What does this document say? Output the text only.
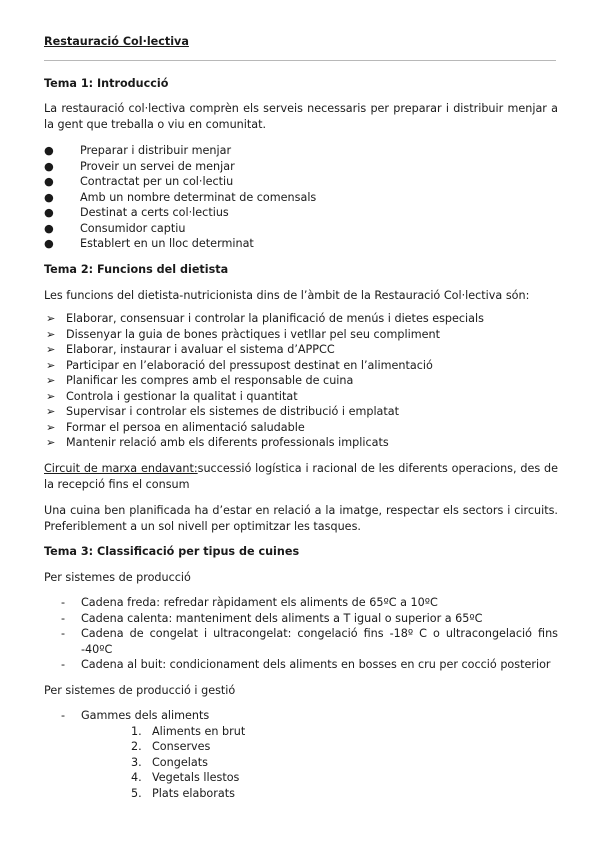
Restauració Col·lectiva
Tema 1: Introducció
La restauració col·lectiva comprèn els serveis necessaris per preparar i distribuir menjar a la gent que treballa o viu en comunitat.
● Preparar i distribuir menjar
● Proveir un servei de menjar
● Contractat per un col·lectiu
● Amb un nombre determinat de comensals
● Destinat a certs col·lectius
● Consumidor captiu
● Establert en un lloc determinat
Tema 2: Funcions del dietista
Les funcions del dietista-nutricionista dins de l’àmbit de la Restauració Col·lectiva són:
➢ Elaborar, consensuar i controlar la planificació de menús i dietes especials
➢ Dissenyar la guia de bones pràctiques i vetllar pel seu compliment
➢ Elaborar, instaurar i avaluar el sistema d’APPCC
➢ Participar en l’elaboració del pressupost destinat en l’alimentació
➢ Planificar les compres amb el responsable de cuina
➢ Controla i gestionar la qualitat i quantitat
➢ Supervisar i controlar els sistemes de distribució i emplatat
➢ Formar el persoa en alimentació saludable
➢ Mantenir relació amb els diferents professionals implicats
Circuit de marxa endavant:successió logística i racional de les diferents operacions, des de la recepció fins el consum
Una cuina ben planificada ha d’estar en relació a la imatge, respectar els sectors i circuits. Preferiblement a un sol nivell per optimitzar les tasques.
Tema 3: Classificació per tipus de cuines
Per sistemes de producció
- Cadena freda: refredar ràpidament els aliments de 65ºC a 10ºC
- Cadena calenta: manteniment dels aliments a T igual o superior a 65ºC
- Cadena de congelat i ultracongelat: congelació fins -18º C o ultracongelació fins -40ºC
- Cadena al buit: condicionament dels aliments en bosses en cru per cocció posterior
Per sistemes de producció i gestió
- Gammes dels aliments
1. Aliments en brut
2. Conserves
3. Congelats
4. Vegetals llestos
5. Plats elaborats
